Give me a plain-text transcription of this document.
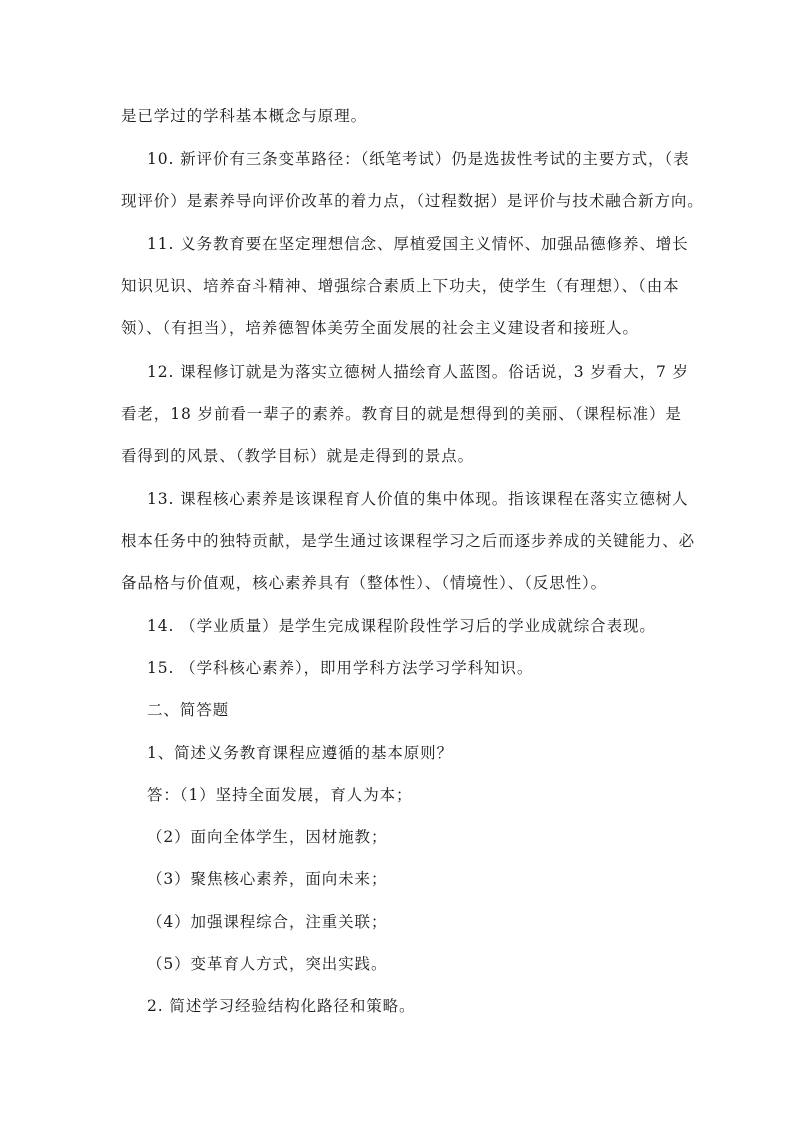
是已学过的学科基本概念与原理。
10. 新评价有三条变革路径：（纸笔考试）仍是选拔性考试的主要方式，（表
现评价）是素养导向评价改革的着力点，（过程数据）是评价与技术融合新方向。
11. 义务教育要在坚定理想信念、厚植爱国主义情怀、加强品德修养、增长
知识见识、培养奋斗精神、增强综合素质上下功夫，使学生（有理想）、（由本
领）、（有担当），培养德智体美劳全面发展的社会主义建设者和接班人。
12. 课程修订就是为落实立德树人描绘育人蓝图。俗话说，3 岁看大，7 岁
看老，18 岁前看一辈子的素养。教育目的就是想得到的美丽、（课程标准）是
看得到的风景、（教学目标）就是走得到的景点。
13. 课程核心素养是该课程育人价值的集中体现。指该课程在落实立德树人
根本任务中的独特贡献，是学生通过该课程学习之后而逐步养成的关键能力、必
备品格与价值观，核心素养具有（整体性）、（情境性）、（反思性）。
14. （学业质量）是学生完成课程阶段性学习后的学业成就综合表现。
15. （学科核心素养），即用学科方法学习学科知识。
二、简答题
1、简述义务教育课程应遵循的基本原则？
答：（1）坚持全面发展，育人为本；
（2）面向全体学生，因材施教；
（3）聚焦核心素养，面向未来；
（4）加强课程综合，注重关联；
（5）变革育人方式，突出实践。
2. 简述学习经验结构化路径和策略。
